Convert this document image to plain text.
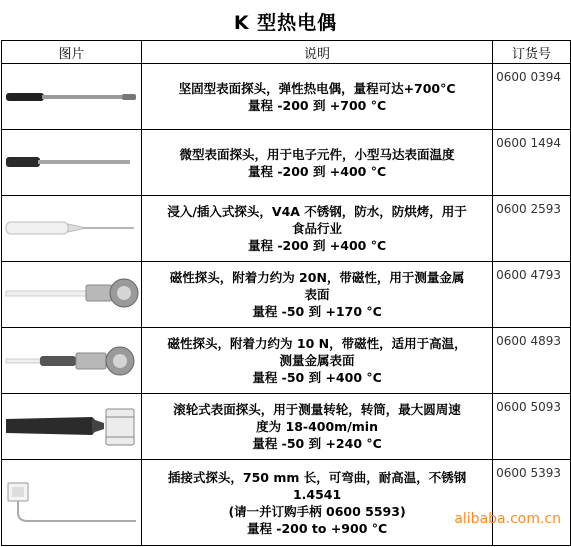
K 型热电偶
图片	说明	订货号

坚固型表面探头，弹性热电偶，量程可达+700°C
量程 -200 到 +700 °C	0600 0394

微型表面探头，用于电子元件，小型马达表面温度
量程 -200 到 +400 °C	0600 1494

浸入/插入式探头，V4A 不锈钢，防水，防烘烤，用于
食品行业
量程 -200 到 +400 °C	0600 2593

磁性探头，附着力约为 20N，带磁性，用于测量金属
表面
量程 -50 到 +170 °C	0600 4793

磁性探头，附着力约为 10 N，带磁性，适用于高温，
测量金属表面
量程 -50 到 +400 °C	0600 4893

滚轮式表面探头，用于测量转轮，转筒，最大圆周速
度为 18-400m/min
量程 -50 到 +240 °C	0600 5093

插接式探头，750 mm 长，可弯曲，耐高温，不锈钢
1.4541
(请一并订购手柄 0600 5593)
量程 -200 to +900 °C	0600 5393
alibaba.com.cn
